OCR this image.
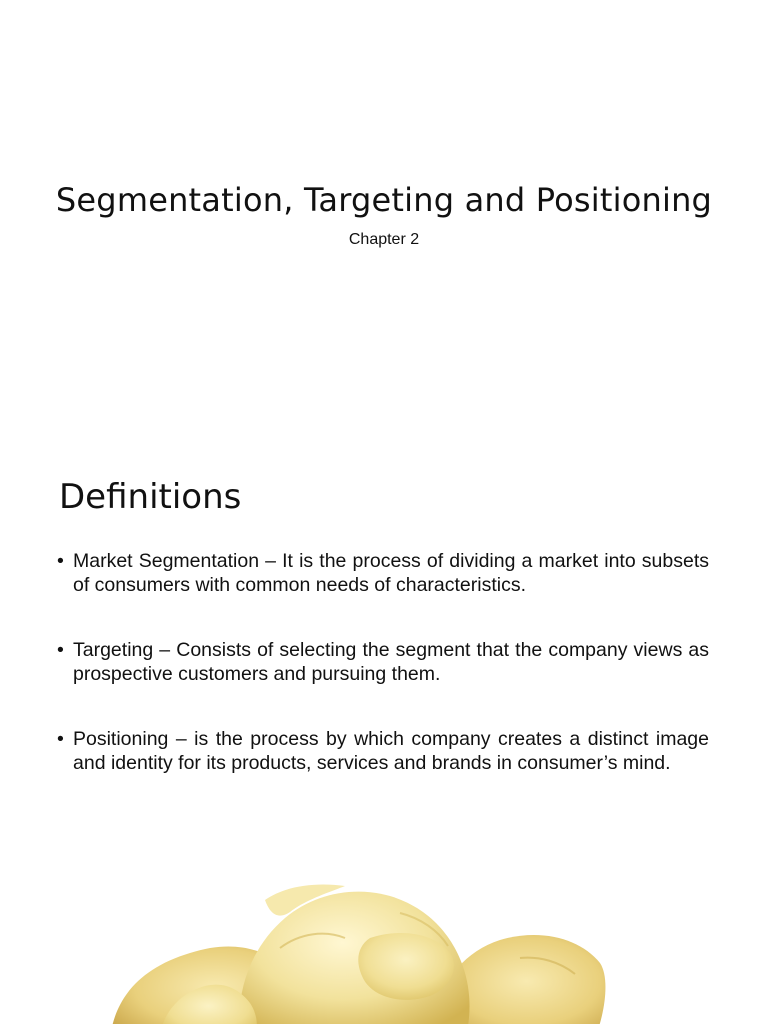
Segmentation, Targeting and Positioning
Chapter 2
Definitions
• Market Segmentation – It is the process of dividing a market into subsets of consumers with common needs of characteristics.
• Targeting – Consists of selecting the segment that the company views as prospective customers and pursuing them.
• Positioning – is the process by which company creates a distinct image and identity for its products, services and brands in consumer’s mind.
